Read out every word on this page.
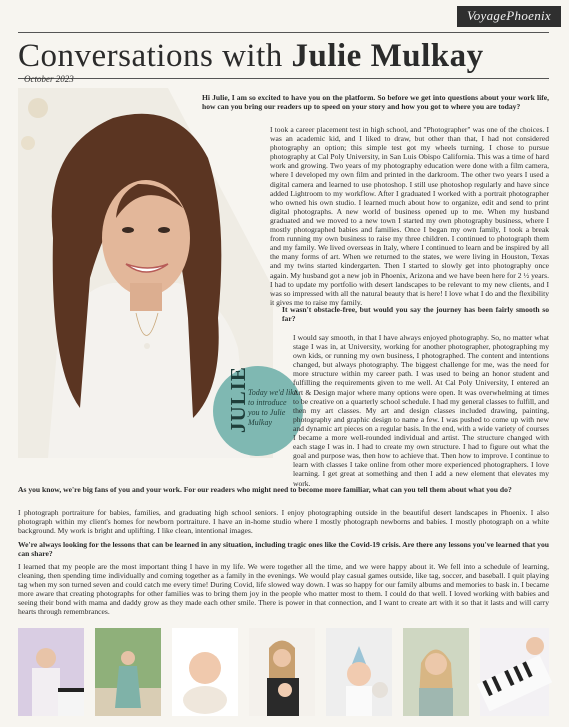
VoyagePhoenix
Conversations with Julie Mulkay
October 2023
JULIE
Today we'd like to introduce you to Julie Mulkay
Hi Julie, I am so excited to have you on the platform. So before we get into questions about your work life, how can you bring our readers up to speed on your story and how you got to where you are today?
I took a career placement test in high school, and "Photographer" was one of the choices. I was an academic kid, and I liked to draw, but other than that, I had not considered photography an option; this simple test got my wheels turning. I chose to pursue photography at Cal Poly University, in San Luis Obispo California. This was a time of hard work and growing. Two years of my photography education were done with a film camera, where I developed my own film and printed in the darkroom. The other two years I used a digital camera and learned to use photoshop. I still use photoshop regularly and have since added Lightroom to my workflow. After I graduated I worked with a portrait photographer who owned his own studio. I learned much about how to organize, edit and send to print digital photographs. A new world of business opened up to me. When my husband graduated and we moved to a new town I started my own photography business, where I mostly photographed babies and families. Once I began my own family, I took a break from running my own business to raise my three children. I continued to photograph them and my family. We lived overseas in Italy, where I continued to learn and be inspired by all the many forms of art. When we returned to the states, we were living in Houston, Texas and my twins started kindergarten. Then I started to slowly get into photography once again. My husband got a new job in Phoenix, Arizona and we have been here for 2 ½ years. I had to update my portfolio with desert landscapes to be relevant to my new clients, and I was so impressed with all the natural beauty that is here! I love what I do and the flexibility it gives me to raise my family.
It wasn't obstacle-free, but would you say the journey has been fairly smooth so far?
I would say smooth, in that I have always enjoyed photography. So, no matter what stage I was in, at University, working for another photographer, photographing my own kids, or running my own business, I photographed. The content and intentions changed, but always photography. The biggest challenge for me, was the need for more structure within my career path. I was used to being an honor student and fulfilling the requirements given to me well. At Cal Poly University, I entered an Art & Design major where many options were open. It was overwhelming at times to be creative on a quarterly school schedule. I had my general classes to fulfill, and then my art classes. My art and design classes included drawing, painting, photography and graphic design to name a few. I was pushed to come up with new and dynamic art pieces on a regular basis. In the end, with a wide variety of courses I became a more well-rounded individual and artist. The structure changed with each stage I was in. I had to create my own structure. I had to figure out what the goal and purpose was, then how to achieve that. Then how to improve. I continue to learn with classes I take online from other more experienced photographers. I love learning. I get great at something and then I add a new element that elevates my work.
As you know, we're big fans of you and your work. For our readers who might need to become more familiar, what can you tell them about what you do?
I photograph portraiture for babies, families, and graduating high school seniors. I enjoy photographing outside in the beautiful desert landscapes in Phoenix. I also photograph within my client's homes for newborn portraiture. I have an in-home studio where I mostly photograph newborns and babies. I mostly photograph on a white background. My work is bright and uplifting. I like clean, intentional images.
We're always looking for the lessons that can be learned in any situation, including tragic ones like the Covid-19 crisis. Are there any lessons you've learned that you can share?
I learned that my people are the most important thing I have in my life. We were together all the time, and we were happy about it. We fell into a schedule of learning, cleaning, then spending time individually and coming together as a family in the evenings. We would play casual games outside, like tag, soccer, and baseball. I quit playing tag when my son turned seven and could catch me every time! During Covid, life slowed way down. I was so happy for our family albums and memories to bask in. I became more aware that creating photographs for other families was to bring them joy in the people who matter most to them. I could do that well. I loved working with babies and seeing their bond with mama and daddy grow as they made each other smile. There is power in that connection, and I want to create art with it so that it lasts and will carry hearts through remembrances.
